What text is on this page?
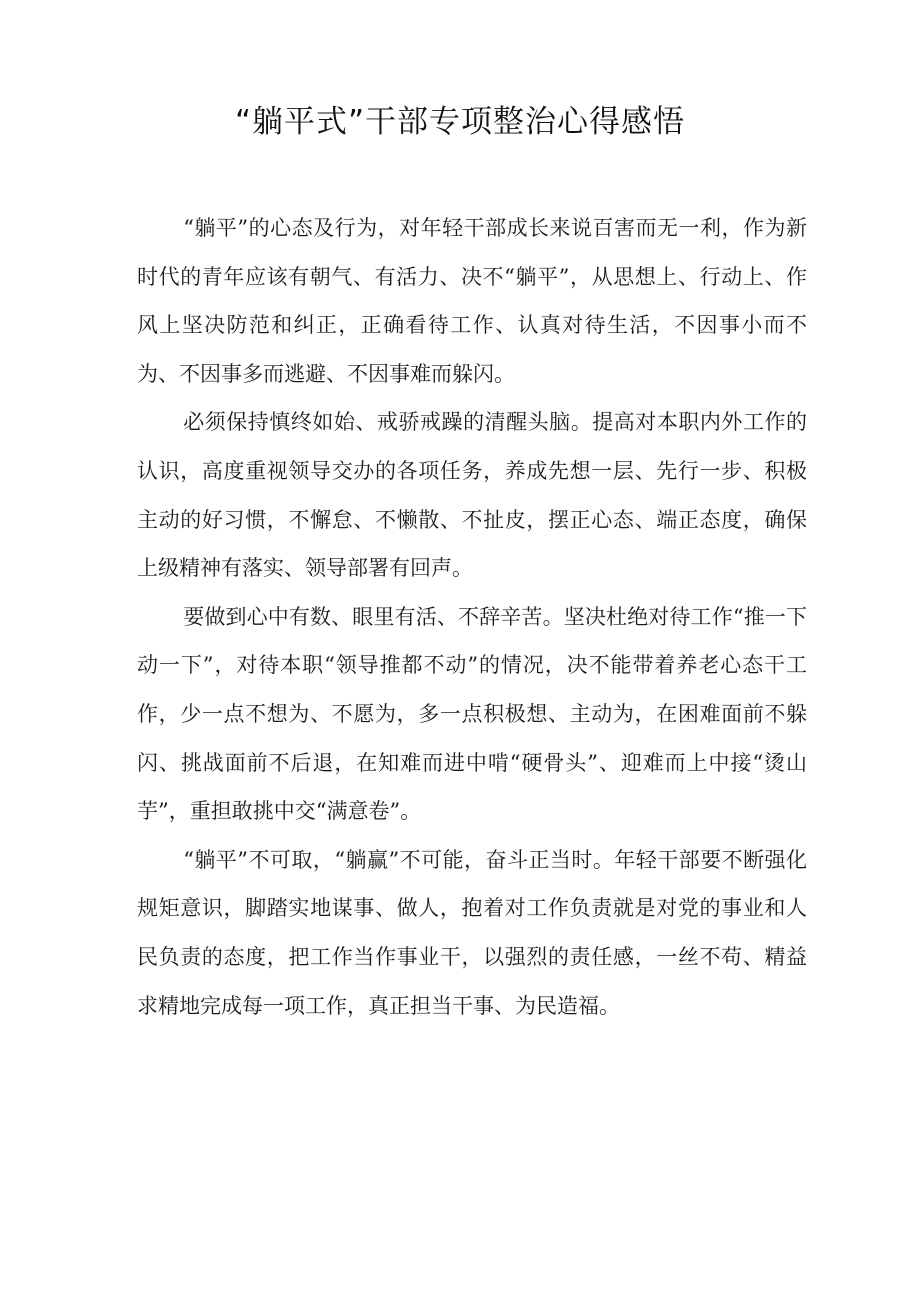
“躺平式”干部专项整治心得感悟

“躺平”的心态及行为，对年轻干部成长来说百害而无一利，作为新时代的青年应该有朝气、有活力、决不“躺平”，从思想上、行动上、作风上坚决防范和纠正，正确看待工作、认真对待生活，不因事小而不为、不因事多而逃避、不因事难而躲闪。

必须保持慎终如始、戒骄戒躁的清醒头脑。提高对本职内外工作的认识，高度重视领导交办的各项任务，养成先想一层、先行一步、积极主动的好习惯，不懈怠、不懒散、不扯皮，摆正心态、端正态度，确保上级精神有落实、领导部署有回声。

要做到心中有数、眼里有活、不辞辛苦。坚决杜绝对待工作“推一下动一下”，对待本职“领导推都不动”的情况，决不能带着养老心态干工作，少一点不想为、不愿为，多一点积极想、主动为，在困难面前不躲闪、挑战面前不后退，在知难而进中啃“硬骨头”、迎难而上中接“烫山芋”，重担敢挑中交“满意卷”。

“躺平”不可取，“躺赢”不可能，奋斗正当时。年轻干部要不断强化规矩意识，脚踏实地谋事、做人，抱着对工作负责就是对党的事业和人民负责的态度，把工作当作事业干，以强烈的责任感，一丝不苟、精益求精地完成每一项工作，真正担当干事、为民造福。
